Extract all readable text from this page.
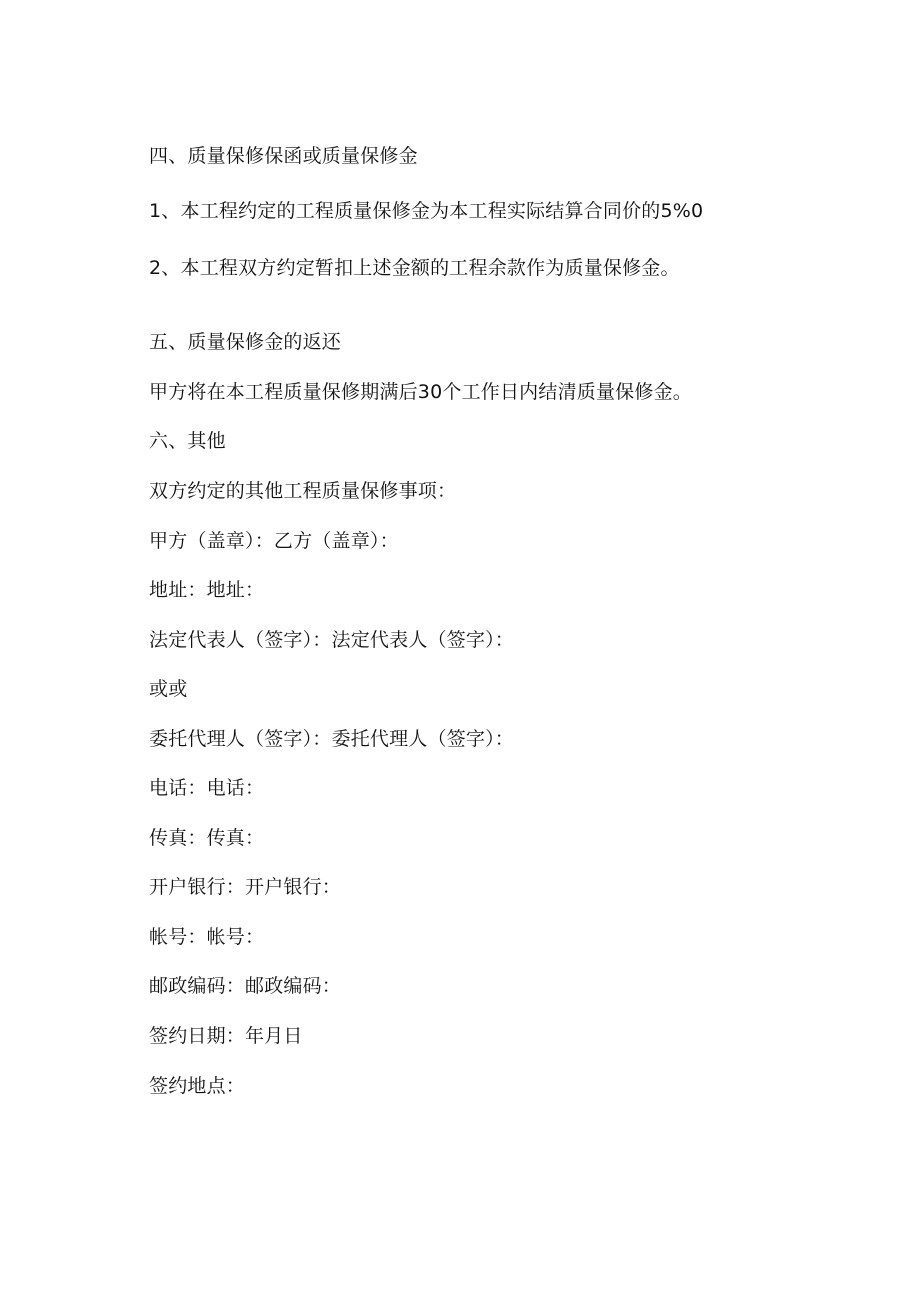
四、质量保修保函或质量保修金
1、本工程约定的工程质量保修金为本工程实际结算合同价的5%0
2、本工程双方约定暂扣上述金额的工程余款作为质量保修金。
五、质量保修金的返还
甲方将在本工程质量保修期满后30个工作日内结清质量保修金。
六、其他
双方约定的其他工程质量保修事项：
甲方（盖章）：乙方（盖章）：
地址：地址：
法定代表人（签字）：法定代表人（签字）：
或或
委托代理人（签字）：委托代理人（签字）：
电话：电话：
传真：传真：
开户银行：开户银行：
帐号：帐号：
邮政编码：邮政编码：
签约日期：年月日
签约地点：
